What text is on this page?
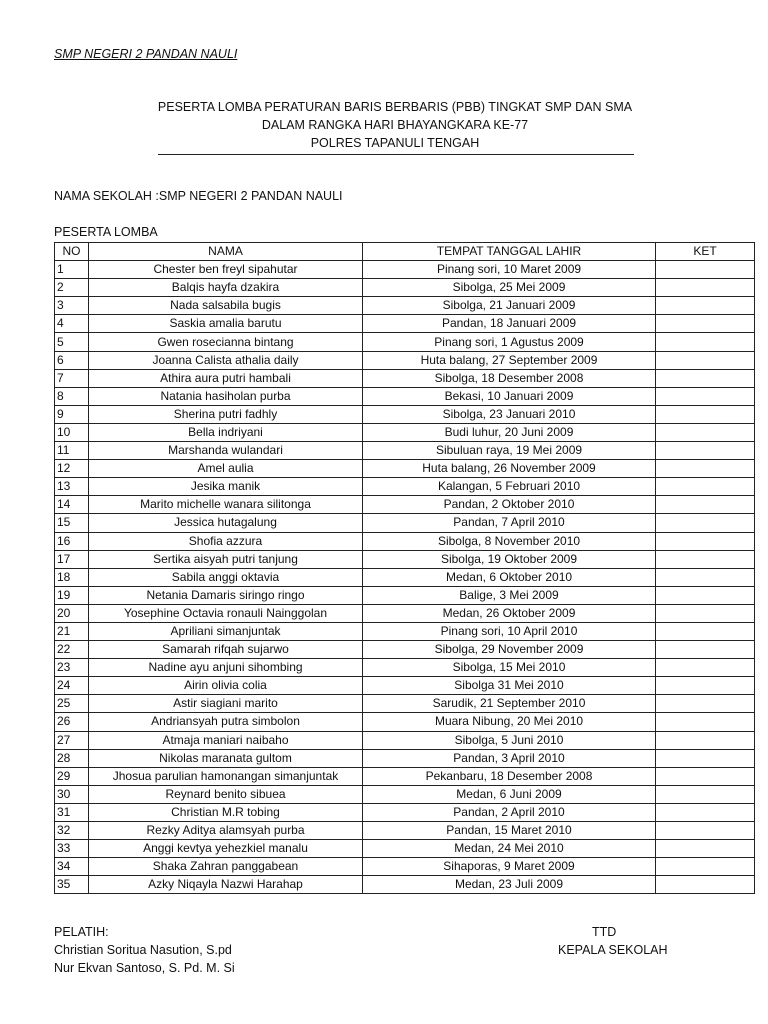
SMP NEGERI 2 PANDAN NAULI
PESERTA LOMBA PERATURAN BARIS BERBARIS (PBB) TINGKAT SMP DAN SMA
DALAM RANGKA HARI BHAYANGKARA KE-77
POLRES TAPANULI TENGAH
NAMA SEKOLAH :SMP NEGERI 2 PANDAN NAULI
PESERTA LOMBA
NO	NAMA	TEMPAT TANGGAL LAHIR	KET
1	Chester ben freyl sipahutar	Pinang sori, 10 Maret 2009	
2	Balqis hayfa dzakira	Sibolga, 25 Mei 2009	
3	Nada salsabila bugis	Sibolga, 21 Januari 2009	
4	Saskia amalia barutu	Pandan, 18 Januari 2009	
5	Gwen rosecianna bintang	Pinang sori, 1 Agustus 2009	
6	Joanna Calista athalia daily	Huta balang, 27 September 2009	
7	Athira aura putri hambali	Sibolga, 18 Desember 2008	
8	Natania hasiholan purba	Bekasi, 10 Januari 2009	
9	Sherina putri fadhly	Sibolga, 23 Januari 2010	
10	Bella indriyani	Budi luhur, 20 Juni 2009	
11	Marshanda wulandari	Sibuluan raya, 19 Mei 2009	
12	Amel aulia	Huta balang, 26 November 2009	
13	Jesika manik	Kalangan, 5 Februari 2010	
14	Marito michelle wanara silitonga	Pandan, 2 Oktober 2010	
15	Jessica hutagalung	Pandan, 7 April 2010	
16	Shofia azzura	Sibolga, 8 November 2010	
17	Sertika aisyah putri tanjung	Sibolga, 19 Oktober 2009	
18	Sabila anggi oktavia	Medan, 6 Oktober 2010	
19	Netania Damaris siringo ringo	Balige, 3 Mei 2009	
20	Yosephine Octavia ronauli Nainggolan	Medan, 26 Oktober 2009	
21	Apriliani simanjuntak	Pinang sori, 10 April 2010	
22	Samarah rifqah sujarwo	Sibolga, 29 November 2009	
23	Nadine ayu anjuni sihombing	Sibolga, 15 Mei 2010	
24	Airin olivia colia	Sibolga 31 Mei 2010	
25	Astir siagiani marito	Sarudik, 21 September 2010	
26	Andriansyah putra simbolon	Muara Nibung, 20 Mei 2010	
27	Atmaja maniari naibaho	Sibolga, 5 Juni 2010	
28	Nikolas maranata gultom	Pandan, 3 April 2010	
29	Jhosua parulian hamonangan simanjuntak	Pekanbaru, 18 Desember 2008	
30	Reynard benito sibuea	Medan, 6 Juni 2009	
31	Christian M.R tobing	Pandan, 2 April 2010	
32	Rezky Aditya alamsyah purba	Pandan, 15 Maret 2010	
33	Anggi kevtya yehezkiel manalu	Medan, 24 Mei 2010	
34	Shaka Zahran panggabean	Sihaporas, 9 Maret 2009	
35	Azky Niqayla Nazwi Harahap	Medan, 23 Juli 2009	
PELATIH:
Christian Soritua Nasution, S.pd
Nur Ekvan Santoso, S. Pd. M. Si
TTD
KEPALA SEKOLAH
